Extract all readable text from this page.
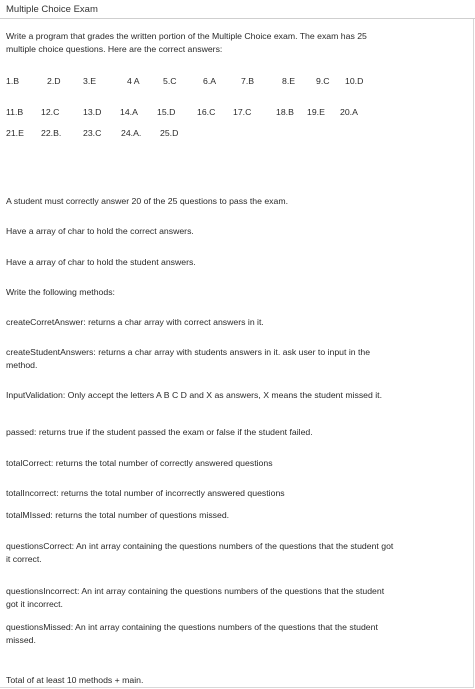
Multiple Choice Exam
Write a program that grades the written portion of the Multiple Choice exam. The exam has 25
multiple choice questions. Here are the correct answers:
1.B	2.D	3.E	4 A	5.C	6.A	7.B	8.E 9.C 10.D
11.B 12.C	13.D 14.A 15.D 16.C 17.C	18.B 19.E 20.A
21.E 22.B. 23.C 24.A. 25.D
A student must correctly answer 20 of the 25 questions to pass the exam.
Have a array of char to hold the correct answers.
Have a array of char to hold the student answers.
Write the following methods:
createCorretAnswer: returns a char array with correct answers in it.
createStudentAnswers: returns a char array with students answers in it. ask user to input in the
method.
InputValidation: Only accept the letters A B C D and X as answers, X means the student missed it.
passed: returns true if the student passed the exam or false if the student failed.
totalCorrect: returns the total number of correctly answered questions
totalIncorrect: returns the total number of incorrectly answered questions
totalMIssed: returns the total number of questions missed.
questionsCorrect: An int array containing the questions numbers of the questions that the student got
it correct.
questionsIncorrect: An int array containing the questions numbers of the questions that the student
got it incorrect.
questionsMissed: An int array containing the questions numbers of the questions that the student
missed.
Total of at least 10 methods + main.
